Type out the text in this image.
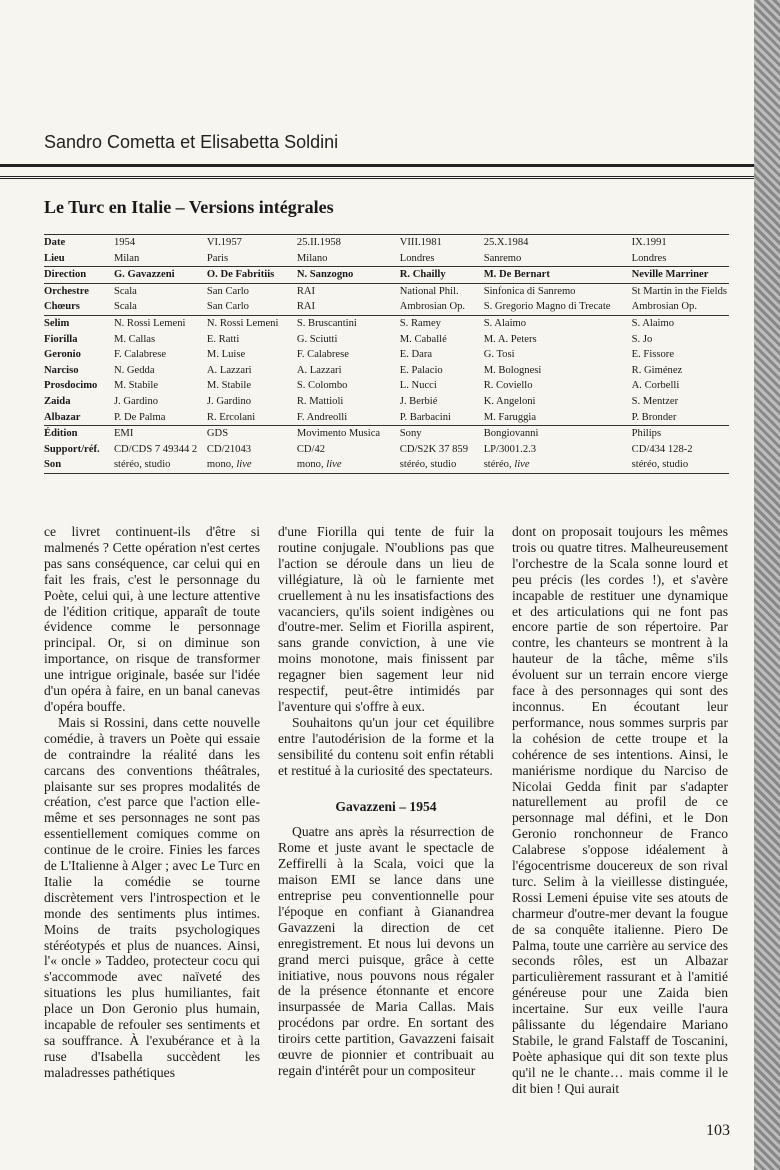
Sandro Cometta et Elisabetta Soldini
Le Turc en Italie – Versions intégrales
Date	1954	VI.1957	25.II.1958	VIII.1981	25.X.1984	IX.1991
Lieu	Milan	Paris	Milano	Londres	Sanremo	Londres
Direction	G. Gavazzeni	O. De Fabritiis	N. Sanzogno	R. Chailly	M. De Bernart	Neville Marriner
Orchestre	Scala	San Carlo	RAI	National Phil.	Sinfonica di Sanremo	St Martin in the Fields
Chœurs	Scala	San Carlo	RAI	Ambrosian Op.	S. Gregorio Magno di Trecate	Ambrosian Op.
Selim	N. Rossi Lemeni	N. Rossi Lemeni	S. Bruscantini	S. Ramey	S. Alaimo	S. Alaimo
Fiorilla	M. Callas	E. Ratti	G. Sciutti	M. Caballé	M. A. Peters	S. Jo
Geronio	F. Calabrese	M. Luise	F. Calabrese	E. Dara	G. Tosi	E. Fissore
Narciso	N. Gedda	A. Lazzari	A. Lazzari	E. Palacio	M. Bolognesi	R. Giménez
Prosdocimo	M. Stabile	M. Stabile	S. Colombo	L. Nucci	R. Coviello	A. Corbelli
Zaida	J. Gardino	J. Gardino	R. Mattioli	J. Berbié	K. Angeloni	S. Mentzer
Albazar	P. De Palma	R. Ercolani	F. Andreolli	P. Barbacini	M. Faruggia	P. Bronder
Édition	EMI	GDS	Movimento Musica	Sony	Bongiovanni	Philips
Support/réf.	CD/CDS 7 49344 2	CD/21043	CD/42	CD/S2K 37 859	LP/3001.2.3	CD/434 128-2
Son	stéréo, studio	mono, live	mono, live	stéréo, studio	stéréo, live	stéréo, studio

ce livret continuent-ils d'être si malmenés ? Cette opération n'est certes pas sans conséquence, car celui qui en fait les frais, c'est le personnage du Poète, celui qui, à une lecture attentive de l'édition critique, apparaît de toute évidence comme le personnage principal. Or, si on diminue son importance, on risque de transformer une intrigue originale, basée sur l'idée d'un opéra à faire, en un banal canevas d'opéra bouffe.

Mais si Rossini, dans cette nouvelle comédie, à travers un Poète qui essaie de contraindre la réalité dans les carcans des conventions théâtrales, plaisante sur ses propres modalités de création, c'est parce que l'action elle-même et ses personnages ne sont pas essentiellement comiques comme on continue de le croire. Finies les farces de L'Italienne à Alger ; avec Le Turc en Italie la comédie se tourne discrètement vers l'introspection et le monde des sentiments plus intimes. Moins de traits psychologiques stéréotypés et plus de nuances. Ainsi, l'« oncle » Taddeo, protecteur cocu qui s'accommode avec naïveté des situations les plus humiliantes, fait place un Don Geronio plus humain, incapable de refouler ses sentiments et sa souffrance. À l'exubérance et à la ruse d'Isabella succèdent les maladresses pathétiques

d'une Fiorilla qui tente de fuir la routine conjugale. N'oublions pas que l'action se déroule dans un lieu de villégiature, là où le farniente met cruellement à nu les insatisfactions des vacanciers, qu'ils soient indigènes ou d'outre-mer. Selim et Fiorilla aspirent, sans grande conviction, à une vie moins monotone, mais finissent par regagner bien sagement leur nid respectif, peut-être intimidés par l'aventure qui s'offre à eux.

Souhaitons qu'un jour cet équilibre entre l'autodérision de la forme et la sensibilité du contenu soit enfin rétabli et restitué à la curiosité des spectateurs.

Gavazzeni – 1954

Quatre ans après la résurrection de Rome et juste avant le spectacle de Zeffirelli à la Scala, voici que la maison EMI se lance dans une entreprise peu conventionnelle pour l'époque en confiant à Gianandrea Gavazzeni la direction de cet enregistrement. Et nous lui devons un grand merci puisque, grâce à cette initiative, nous pouvons nous régaler de la présence étonnante et encore insurpassée de Maria Callas. Mais procédons par ordre. En sortant des tiroirs cette partition, Gavazzeni faisait œuvre de pionnier et contribuait au regain d'intérêt pour un compositeur

dont on proposait toujours les mêmes trois ou quatre titres. Malheureusement l'orchestre de la Scala sonne lourd et peu précis (les cordes !), et s'avère incapable de restituer une dynamique et des articulations qui ne font pas encore partie de son répertoire. Par contre, les chanteurs se montrent à la hauteur de la tâche, même s'ils évoluent sur un terrain encore vierge face à des personnages qui sont des inconnus. En écoutant leur performance, nous sommes surpris par la cohésion de cette troupe et la cohérence de ses intentions. Ainsi, le maniérisme nordique du Narciso de Nicolai Gedda finit par s'adapter naturellement au profil de ce personnage mal défini, et le Don Geronio ronchonneur de Franco Calabrese s'oppose idéalement à l'égocentrisme doucereux de son rival turc. Selim à la vieillesse distinguée, Rossi Lemeni épuise vite ses atouts de charmeur d'outre-mer devant la fougue de sa conquête italienne. Piero De Palma, toute une carrière au service des seconds rôles, est un Albazar particulièrement rassurant et à l'amitié généreuse pour une Zaida bien incertaine. Sur eux veille l'aura pâlissante du légendaire Mariano Stabile, le grand Falstaff de Toscanini, Poète aphasique qui dit son texte plus qu'il ne le chante… mais comme il le dit bien ! Qui aurait

103
